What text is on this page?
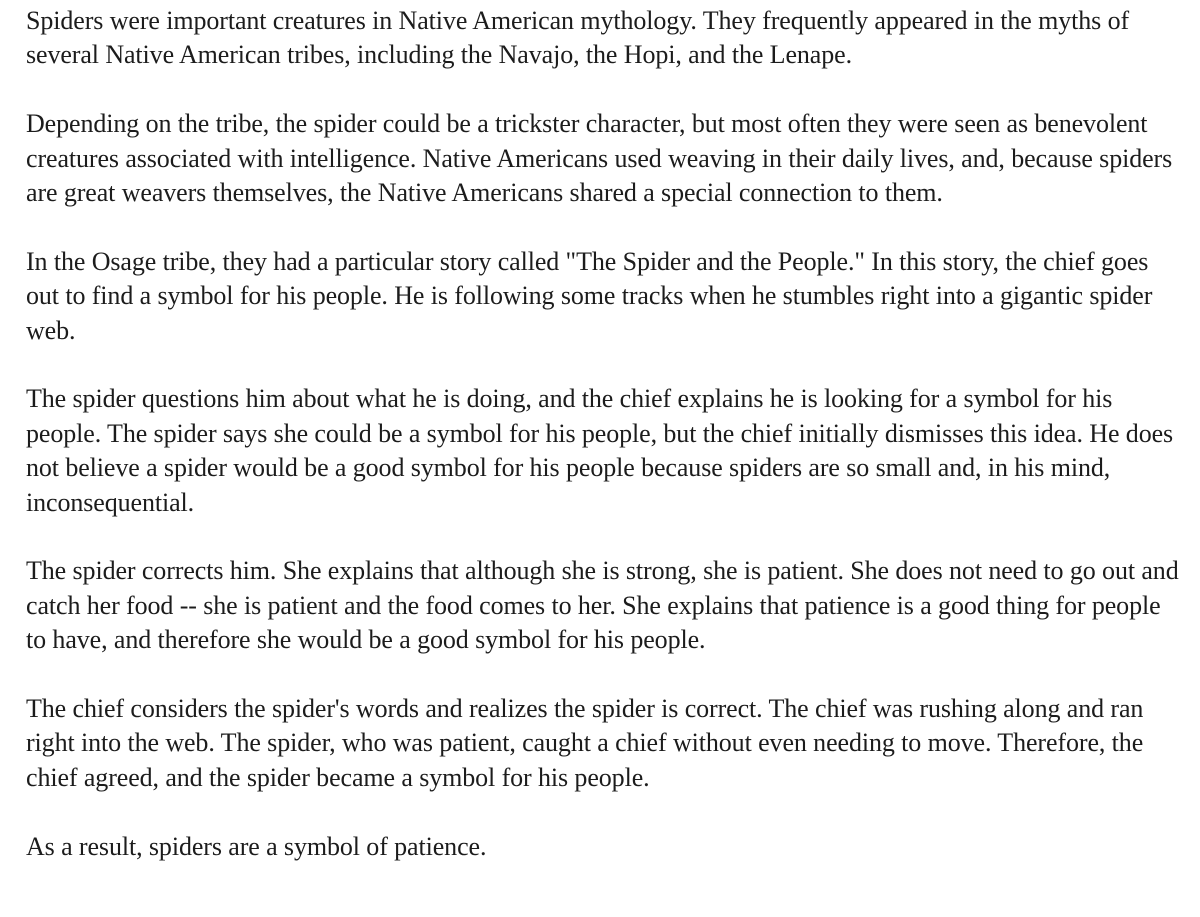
Spiders were important creatures in Native American mythology. They frequently appeared in the myths of several Native American tribes, including the Navajo, the Hopi, and the Lenape.

Depending on the tribe, the spider could be a trickster character, but most often they were seen as benevolent creatures associated with intelligence. Native Americans used weaving in their daily lives, and, because spiders are great weavers themselves, the Native Americans shared a special connection to them.

In the Osage tribe, they had a particular story called "The Spider and the People." In this story, the chief goes out to find a symbol for his people. He is following some tracks when he stumbles right into a gigantic spider web.

The spider questions him about what he is doing, and the chief explains he is looking for a symbol for his people. The spider says she could be a symbol for his people, but the chief initially dismisses this idea. He does not believe a spider would be a good symbol for his people because spiders are so small and, in his mind, inconsequential.

The spider corrects him. She explains that although she is strong, she is patient. She does not need to go out and catch her food -- she is patient and the food comes to her. She explains that patience is a good thing for people to have, and therefore she would be a good symbol for his people.

The chief considers the spider's words and realizes the spider is correct. The chief was rushing along and ran right into the web. The spider, who was patient, caught a chief without even needing to move. Therefore, the chief agreed, and the spider became a symbol for his people.

As a result, spiders are a symbol of patience.
